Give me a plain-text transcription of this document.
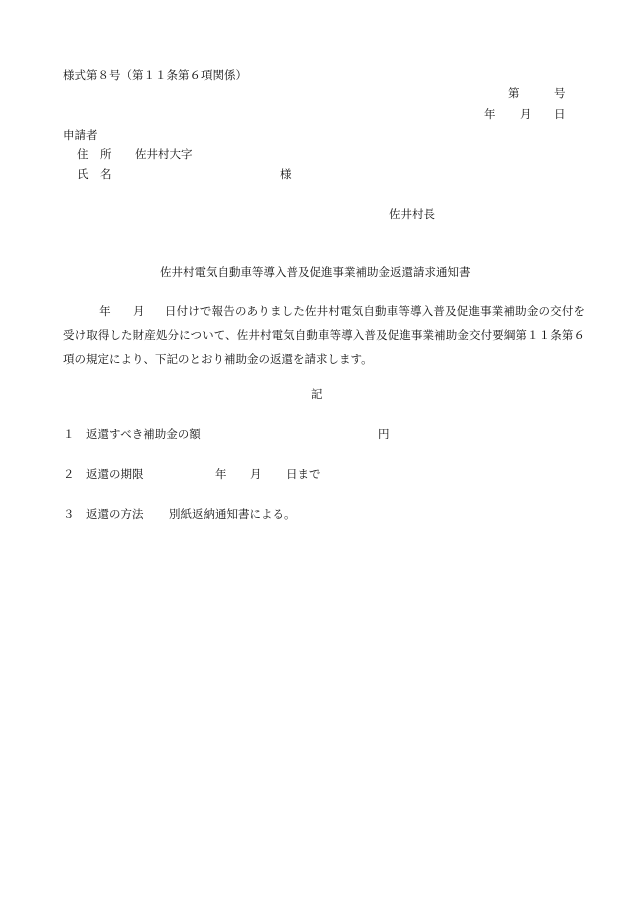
様式第８号（第１１条第６項関係）
第	号
年 月 日
申請者
住　所 佐井村大字
氏　名	様
佐井村長
佐井村電気自動車等導入普及促進事業補助金返還請求通知書
年 月 日付けで報告のありました佐井村電気自動車等導入普及促進事業補助金の交付を受け取得した財産処分について、佐井村電気自動車等導入普及促進事業補助金交付要綱第１１条第６項の規定により、下記のとおり補助金の返還を請求します。
記
１ 返還すべき補助金の額	円
２ 返還の期限	年 月 日まで
３ 返還の方法 別紙返納通知書による。
